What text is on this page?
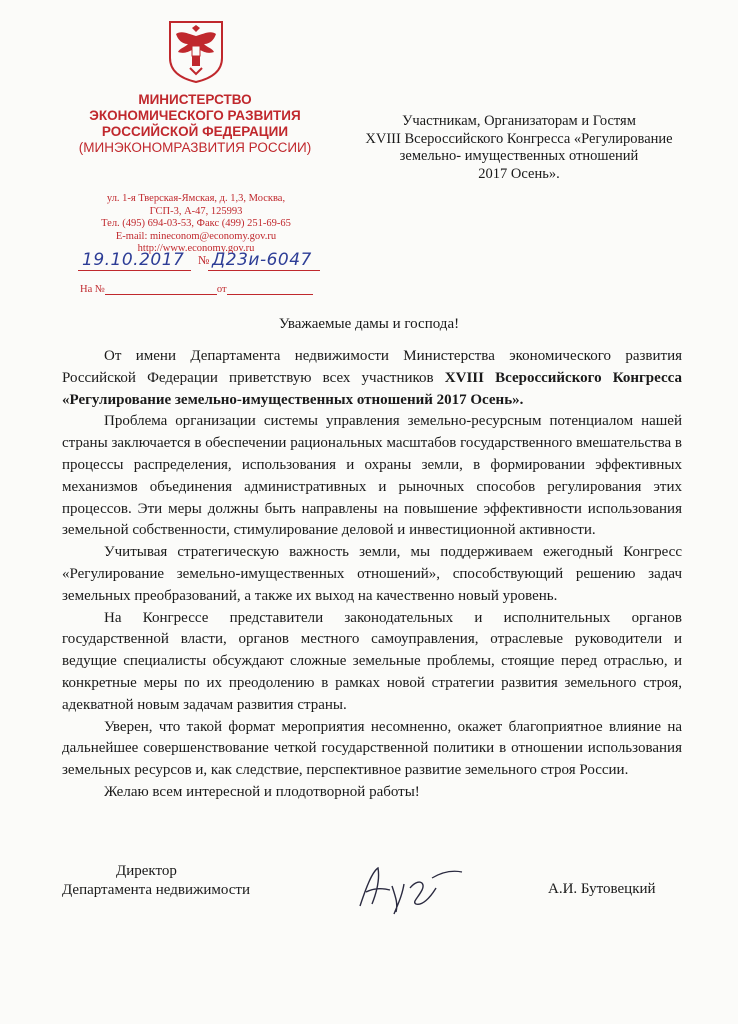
МИНИСТЕРСТВО
ЭКОНОМИЧЕСКОГО РАЗВИТИЯ
РОССИЙСКОЙ ФЕДЕРАЦИИ
(МИНЭКОНОМРАЗВИТИЯ РОССИИ)
ул. 1-я Тверская-Ямская, д. 1,3, Москва,
ГСП-3, А-47, 125993
Тел. (495) 694-03-53, Факс (499) 251-69-65
E-mail: mineconom@economy.gov.ru
http://www.economy.gov.ru
19.10.2017 № Д23и-6047
На №	от
Участникам, Организаторам и Гостям
XVIII Всероссийского Конгресса «Регулирование
земельно- имущественных отношений
2017 Осень».
Уважаемые дамы и господа!

От имени Департамента недвижимости Министерства экономического развития Российской Федерации приветствую всех участников XVIII Всероссийского Конгресса «Регулирование земельно-имущественных отношений 2017 Осень».

Проблема организации системы управления земельно-ресурсным потенциалом нашей страны заключается в обеспечении рациональных масштабов государственного вмешательства в процессы распределения, использования и охраны земли, в формировании эффективных механизмов объединения административных и рыночных способов регулирования этих процессов. Эти меры должны быть направлены на повышение эффективности использования земельной собственности, стимулирование деловой и инвестиционной активности.

Учитывая стратегическую важность земли, мы поддерживаем ежегодный Конгресс «Регулирование земельно-имущественных отношений», способствующий решению задач земельных преобразований, а также их выход на качественно новый уровень.

На Конгрессе представители законодательных и исполнительных органов государственной власти, органов местного самоуправления, отраслевые руководители и ведущие специалисты обсуждают сложные земельные проблемы, стоящие перед отраслью, и конкретные меры по их преодолению в рамках новой стратегии развития земельного строя, адекватной новым задачам развития страны.

Уверен, что такой формат мероприятия несомненно, окажет благоприятное влияние на дальнейшее совершенствование четкой государственной политики в отношении использования земельных ресурсов и, как следствие, перспективное развитие земельного строя России.

Желаю всем интересной и плодотворной работы!

Директор
Департамента недвижимости	А.И. Бутовецкий
